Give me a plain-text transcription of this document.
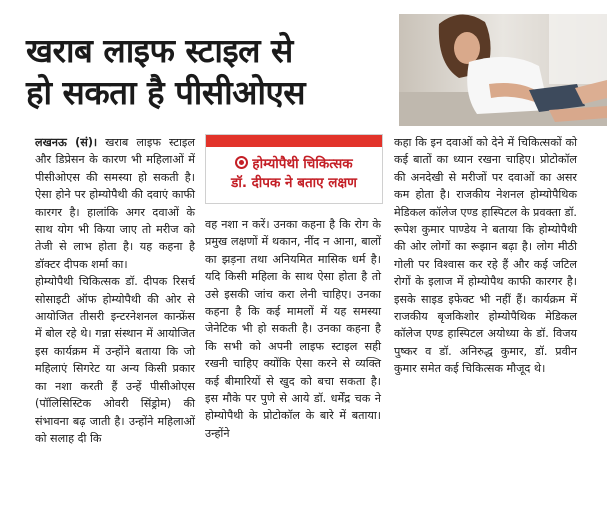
खराब लाइफ स्टाइल से
हो सकता है पीसीओएस

लखनऊ (सं)। खराब लाइफ स्टाइल और डिप्रेसन के कारण भी महिलाओं में पीसीओएस की समस्या हो सकती है। ऐसा होने पर होम्योपैथी की दवाएं काफी कारगर है। हालांकि अगर दवाओं के साथ योग भी किया जाए तो मरीज को तेजी से लाभ होता है। यह कहना है डॉक्टर दीपक शर्मा का।

होम्योपैथी चिकित्सक डॉ. दीपक रिसर्च सोसाइटी ऑफ होम्योपैथी की ओर से आयोजित तीसरी इन्टरनेशनल कान्फ्रेंस में बोल रहे थे। गन्ना संस्थान में आयोजित इस कार्यक्रम में उन्होंने बताया कि जो महिलाएं सिगरेट या अन्य किसी प्रकार का नशा करती हैं उन्हें पीसीओएस (पॉलिसिस्टिक ओवरी सिंड्रोम) की संभावना बढ़ जाती है। उन्होंने महिलाओं को सलाह दी कि

होम्योपैथी चिकित्सक
डॉ. दीपक ने बताए लक्षण

वह नशा न करें। उनका कहना है कि रोग के प्रमुख लक्षणों में थकान, नींद न आना, बालों का झड़ना तथा अनियमित मासिक धर्म है। यदि किसी महिला के साथ ऐसा होता है तो उसे इसकी जांच करा लेनी चाहिए। उनका कहना है कि कई मामलों में यह समस्या जेनेटिक भी हो सकती है। उनका कहना है कि सभी को अपनी लाइफ स्टाइल सही रखनी चाहिए क्योंकि ऐसा करने से व्यक्ति कई बीमारियों से खुद को बचा सकता है। इस मौके पर पुणे से आये डॉ. धर्मेंद्र चक ने होम्योपैथी के प्रोटोकॉल के बारे में बताया। उन्होंने

कहा कि इन दवाओं को देने में चिकित्सकों को कई बातों का ध्यान रखना चाहिए। प्रोटोकॉल की अनदेखी से मरीजों पर दवाओं का असर कम होता है। राजकीय नेशनल होम्योपैथिक मेडिकल कॉलेज एण्ड हास्पिटल के प्रवक्ता डॉ. रूपेश कुमार पाण्डेय ने बताया कि होम्योपैथी की ओर लोगों का रूझान बढ़ा है। लोग मीठी गोली पर विश्वास कर रहे हैं और कई जटिल रोगों के इलाज में होम्योपैथ काफी कारगर है। इसके साइड इफेक्ट भी नहीं हैं। कार्यक्रम में राजकीय बृजकिशोर होम्योपैथिक मेडिकल कॉलेज एण्ड हास्पिटल अयोध्या के डॉ. विजय पुष्कर व डॉ. अनिरुद्ध कुमार, डॉ. प्रवीन कुमार समेत कई चिकित्सक मौजूद थे।
